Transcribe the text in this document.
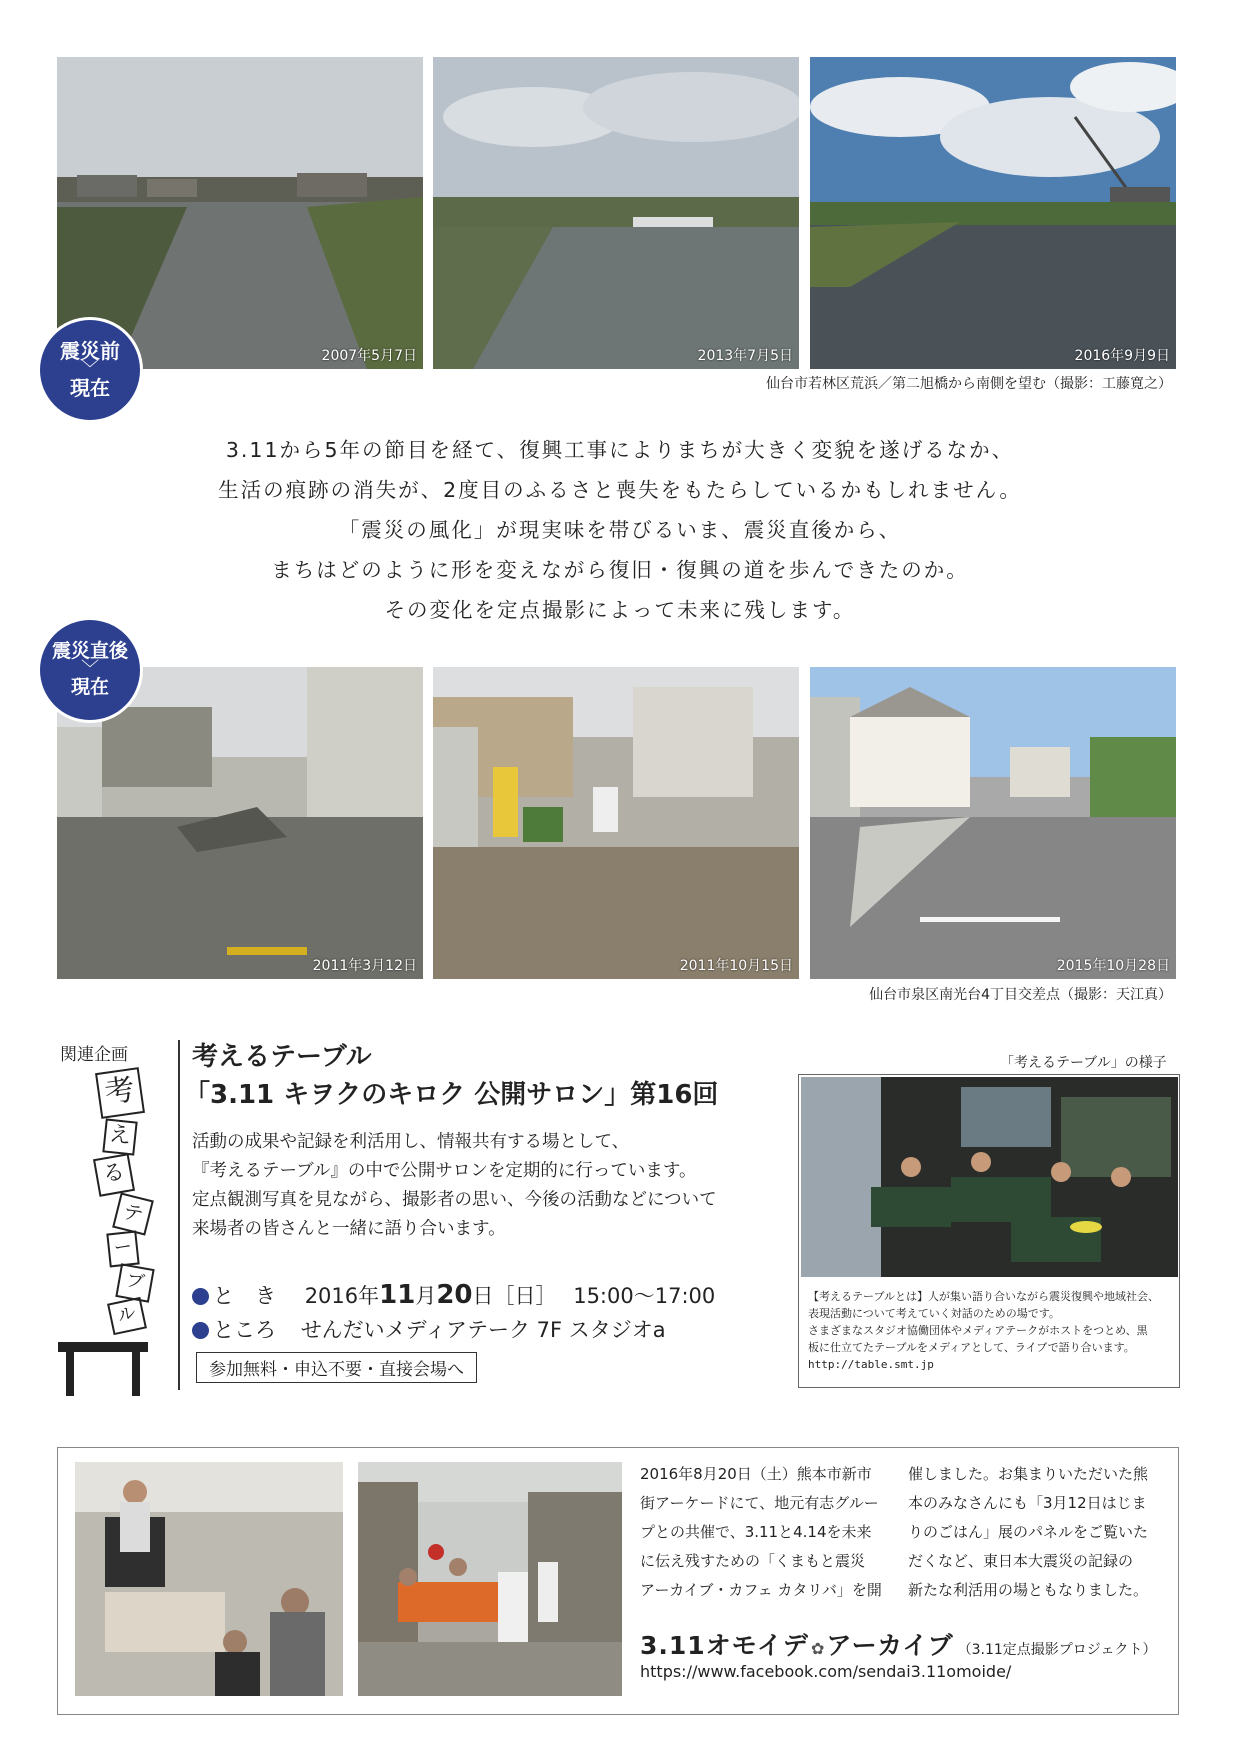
2007年5月7日	2013年7月5日	2016年9月9日
仙台市若林区荒浜／第二旭橋から南側を望む（撮影：工藤寛之）
震災前
﹀
現在
3.11から5年の節目を経て、復興工事によりまちが大きく変貌を遂げるなか、
生活の痕跡の消失が、2度目のふるさと喪失をもたらしているかもしれません。
「震災の風化」が現実味を帯びるいま、震災直後から、
まちはどのように形を変えながら復旧・復興の道を歩んできたのか。
その変化を定点撮影によって未来に残します。
2011年3月12日	2011年10月15日	2015年10月28日
仙台市泉区南光台4丁目交差点（撮影：天江真）
震災直後
﹀
現在
関連企画
考
え
る
テ
ー
ブ
ル
考えるテーブル
「3.11 キヲクのキロク 公開サロン」第16回
活動の成果や記録を利活用し、情報共有する場として、
『考えるテーブル』の中で公開サロンを定期的に行っています。
定点観測写真を見ながら、撮影者の思い、今後の活動などについて
来場者の皆さんと一緒に語り合います。
と　き 2016年11月20日［日］ 15:00〜17:00
ところ せんだいメディアテーク 7F スタジオa
参加無料・申込不要・直接会場へ
「考えるテーブル」の様子
【考えるテーブルとは】人が集い語り合いながら震災復興や地域社会、
表現活動について考えていく対話のための場です。
さまざまなスタジオ協働団体やメディアテークがホストをつとめ、黒
板に仕立てたテーブルをメディアとして、ライブで語り合います。
http://table.smt.jp
2016年8月20日（土）熊本市新市
街アーケードにて、地元有志グルー
プとの共催で、3.11と4.14を未来
に伝え残すための「くまもと震災
アーカイブ・カフェ カタリバ」を開
催しました。お集まりいただいた熊
本のみなさんにも「3月12日はじま
りのごはん」展のパネルをご覧いた
だくなど、東日本大震災の記録の
新たな利活用の場ともなりました。
3.11オモイデ ✿アーカイブ （3.11定点撮影プロジェクト）
https://www.facebook.com/sendai3.11omoide/
